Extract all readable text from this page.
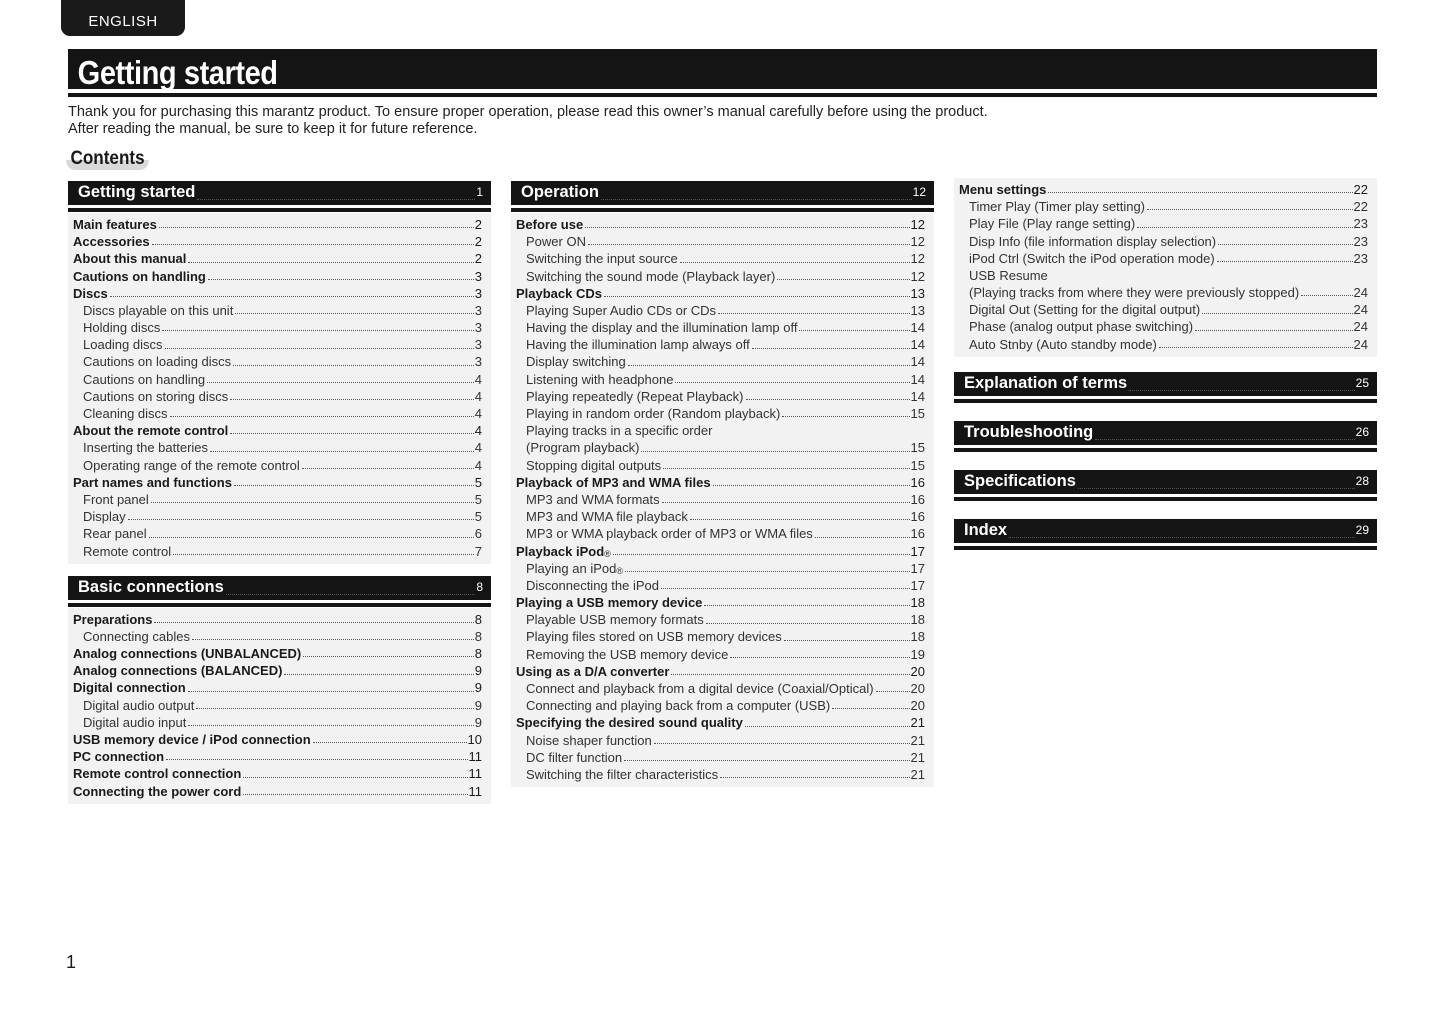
ENGLISH
Getting started
Thank you for purchasing this marantz product. To ensure proper operation, please read this owner’s manual carefully before using the product.
After reading the manual, be sure to keep it for future reference.
Contents
Getting started	1
Main features	2
Accessories	2
About this manual	2
Cautions on handling	3
Discs	3
Discs playable on this unit	3
Holding discs	3
Loading discs	3
Cautions on loading discs	3
Cautions on handling	4
Cautions on storing discs	4
Cleaning discs	4
About the remote control	4
Inserting the batteries	4
Operating range of the remote control	4
Part names and functions	5
Front panel	5
Display	5
Rear panel	6
Remote control	7
Basic connections	8
Preparations	8
Connecting cables	8
Analog connections (UNBALANCED)	8
Analog connections (BALANCED)	9
Digital connection	9
Digital audio output	9
Digital audio input	9
USB memory device / iPod connection	10
PC connection	11
Remote control connection	11
Connecting the power cord	11
Operation	12
Before use	12
Power ON	12
Switching the input source	12
Switching the sound mode (Playback layer)	12
Playback CDs	13
Playing Super Audio CDs or CDs	13
Having the display and the illumination lamp off	14
Having the illumination lamp always off	14
Display switching	14
Listening with headphone	14
Playing repeatedly (Repeat Playback)	14
Playing in random order (Random playback)	15
Playing tracks in a specific order
(Program playback)	15
Stopping digital outputs	15
Playback of MP3 and WMA files	16
MP3 and WMA formats	16
MP3 and WMA file playback	16
MP3 or WMA playback order of MP3 or WMA files	16
Playback iPod ®	17
Playing an iPod ®	17
Disconnecting the iPod	17
Playing a USB memory device	18
Playable USB memory formats	18
Playing files stored on USB memory devices	18
Removing the USB memory device	19
Using as a D/A converter	20
Connect and playback from a digital device (Coaxial/Optical)	20
Connecting and playing back from a computer (USB)	20
Specifying the desired sound quality	21
Noise shaper function	21
DC filter function	21
Switching the filter characteristics	21
Menu settings	22
Timer Play (Timer play setting)	22
Play File (Play range setting)	23
Disp Info (file information display selection)	23
iPod Ctrl (Switch the iPod operation mode)	23
USB Resume
(Playing tracks from where they were previously stopped)	24
Digital Out (Setting for the digital output)	24
Phase (analog output phase switching)	24
Auto Stnby (Auto standby mode)	24
Explanation of terms	25
Troubleshooting	26
Specifications	28
Index	29
1
